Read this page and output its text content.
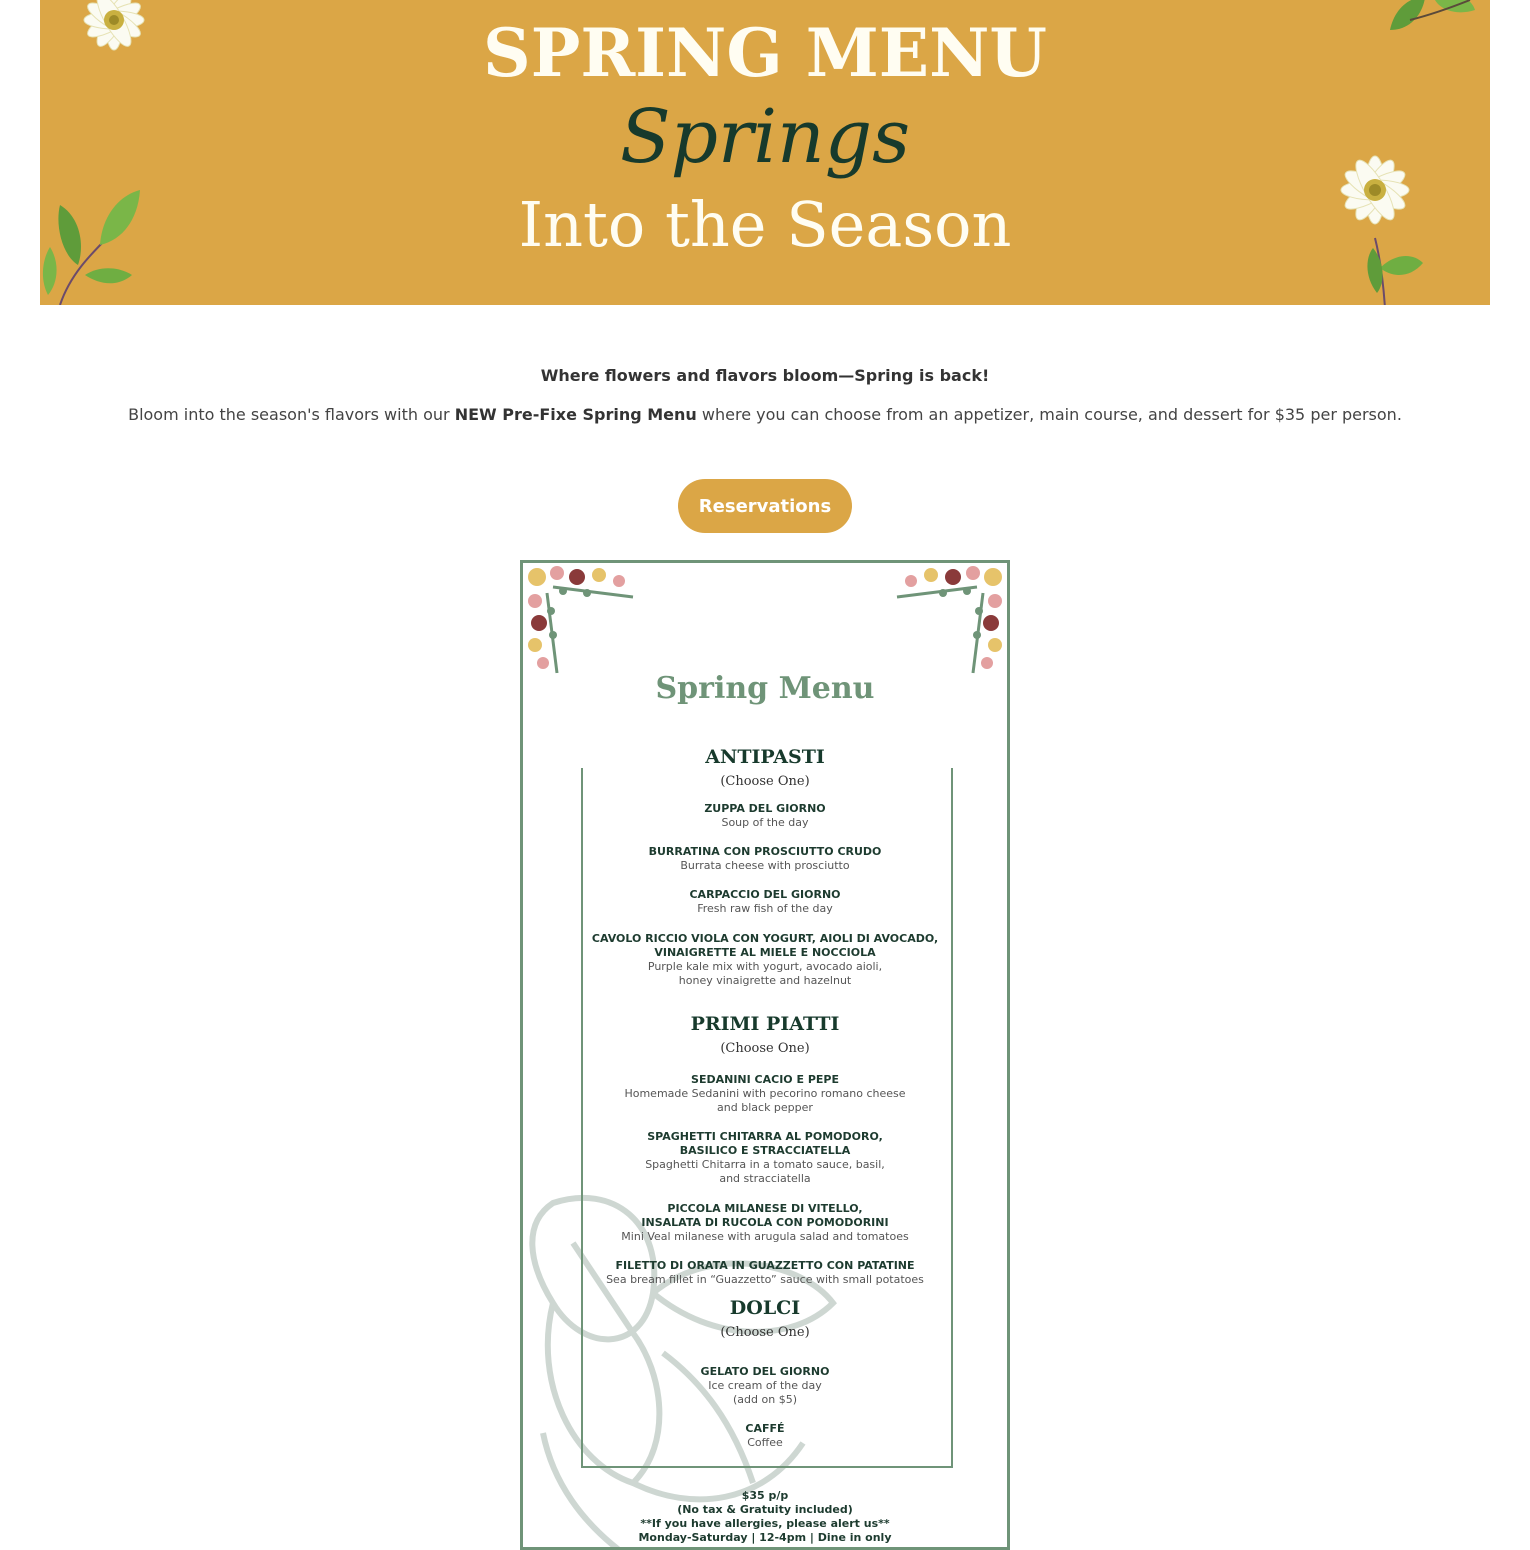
SPRING MENU
Springs
Into the Season
Where flowers and flavors bloom—Spring is back!
Bloom into the season's flavors with our NEW Pre-Fixe Spring Menu where you can choose from an appetizer, main course, and dessert for $35 per person.
Reservations
Spring Menu
ANTIPASTI
(Choose One)
ZUPPA DEL GIORNO
Soup of the day
BURRATINA CON PROSCIUTTO CRUDO
Burrata cheese with prosciutto
CARPACCIO DEL GIORNO
Fresh raw fish of the day
CAVOLO RICCIO VIOLA CON YOGURT, AIOLI DI AVOCADO,
VINAIGRETTE AL MIELE E NOCCIOLA
Purple kale mix with yogurt, avocado aioli,
honey vinaigrette and hazelnut
PRIMI PIATTI
(Choose One)
SEDANINI CACIO E PEPE
Homemade Sedanini with pecorino romano cheese
and black pepper
SPAGHETTI CHITARRA AL POMODORO,
BASILICO E STRACCIATELLA
Spaghetti Chitarra in a tomato sauce, basil,
and stracciatella
PICCOLA MILANESE DI VITELLO,
INSALATA DI RUCOLA CON POMODORINI
Mini Veal milanese with arugula salad and tomatoes
FILETTO DI ORATA IN GUAZZETTO CON PATATINE
Sea bream fillet in “Guazzetto” sauce with small potatoes
DOLCI
(Choose One)
GELATO DEL GIORNO
Ice cream of the day
(add on $5)
CAFFÉ
Coffee
$35 p/p
(No tax & Gratuity included)
**If you have allergies, please alert us**
Monday-Saturday | 12-4pm | Dine in only
